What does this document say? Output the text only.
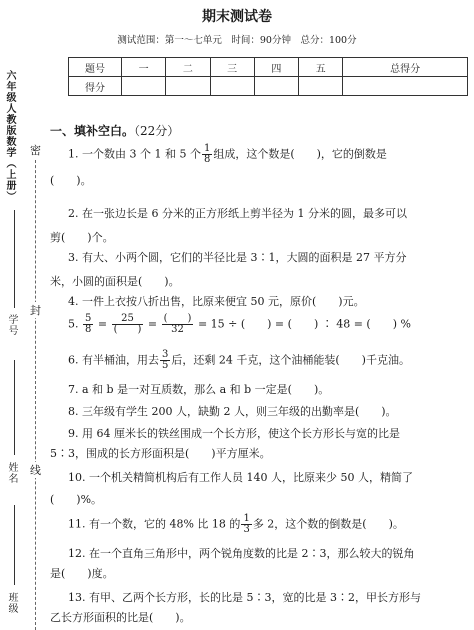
六年级人教版数学（上册）
班级
姓名
学号
密
封
线
期末测试卷
测试范围：第一～七单元　时间：90分钟　总分：100分
题号	一	二	三	四	五	总得分
得分						
一、填补空白。（22分）
1. 一个数由 3 个 1 和 5 个 $\frac{1}{8}$ 组成，这个数是(　　)，它的倒数是
(　　)。
2. 在一张边长是 6 分米的正方形纸上剪半径为 1 分米的圆，最多可以
剪(　　)个。
3. 有大、小两个圆，它们的半径比是 3∶1，大圆的面积是 27 平方分
米，小圆的面积是(　　)。
4. 一件上衣按八折出售，比原来便宜 50 元，原价(　　)元。
5. $\frac{5}{8} = \frac{25}{( )} = \frac{( )}{32} = 15$ ÷ (　　) = (　　) ∶ 48 = (　　) %
6. 有半桶油，用去 $\frac{3}{5}$ 后，还剩 24 千克，这个油桶能装(　　)千克油。
7. a 和 b 是一对互质数，那么 a 和 b 一定是(　　)。
8. 三年级有学生 200 人，缺勤 2 人，则三年级的出勤率是(　　)。
9. 用 64 厘米长的铁丝围成一个长方形，使这个长方形长与宽的比是
5∶3，围成的长方形面积是(　　)平方厘米。
10. 一个机关精简机构后有工作人员 140 人，比原来少 50 人，精简了
(　　)%。
11. 有一个数，它的 48% 比 18 的 $\frac{1}{3}$ 多 2，这个数的倒数是(　　)。
12. 在一个直角三角形中，两个锐角度数的比是 2∶3，那么较大的锐角
是(　　)度。
13. 有甲、乙两个长方形，长的比是 5∶3，宽的比是 3∶2，甲长方形与
乙长方形面积的比是(　　)。
